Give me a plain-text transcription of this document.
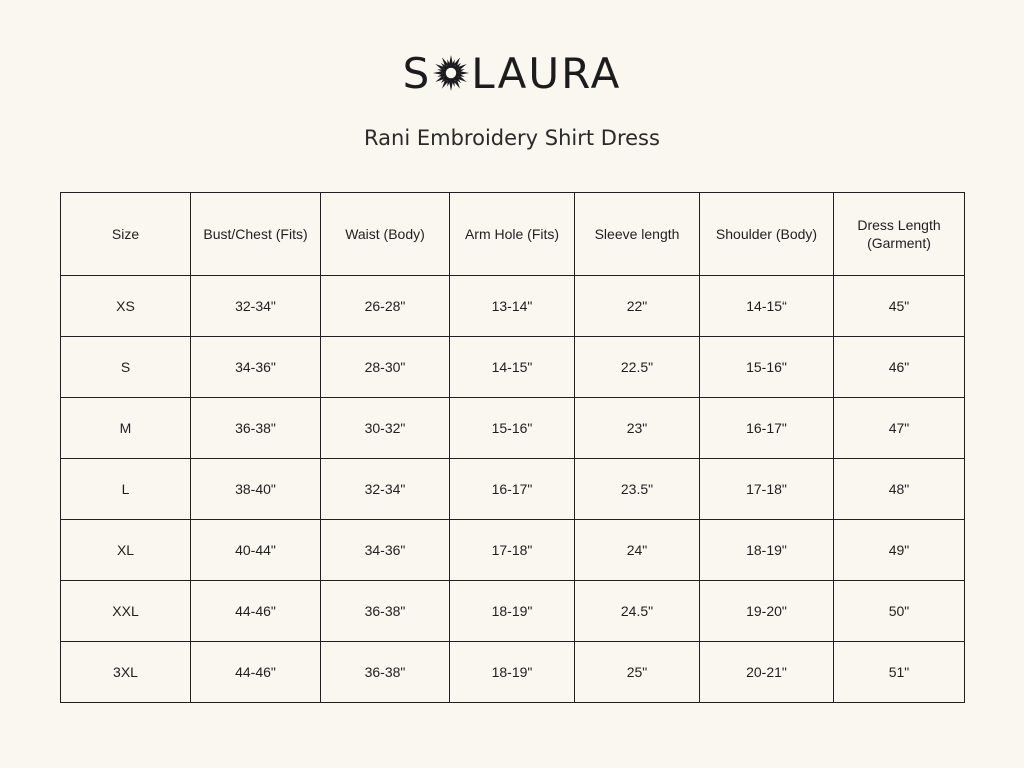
S LAURA
Rani Embroidery Shirt Dress
Size	Bust/Chest (Fits)	Waist (Body)	Arm Hole (Fits)	Sleeve length	Shoulder (Body)	Dress Length (Garment)
XS	32-34"	26-28"	13-14"	22"	14-15“	45"
S	34-36"	28-30"	14-15"	22.5"	15-16"	46"
M	36-38"	30-32"	15-16"	23"	16-17"	47"
L	38-40"	32-34"	16-17"	23.5"	17-18"	48"
XL	40-44"	34-36"	17-18"	24"	18-19"	49"
XXL	44-46"	36-38"	18-19"	24.5"	19-20"	50"
3XL	44-46"	36-38"	18-19"	25"	20-21"	51"
